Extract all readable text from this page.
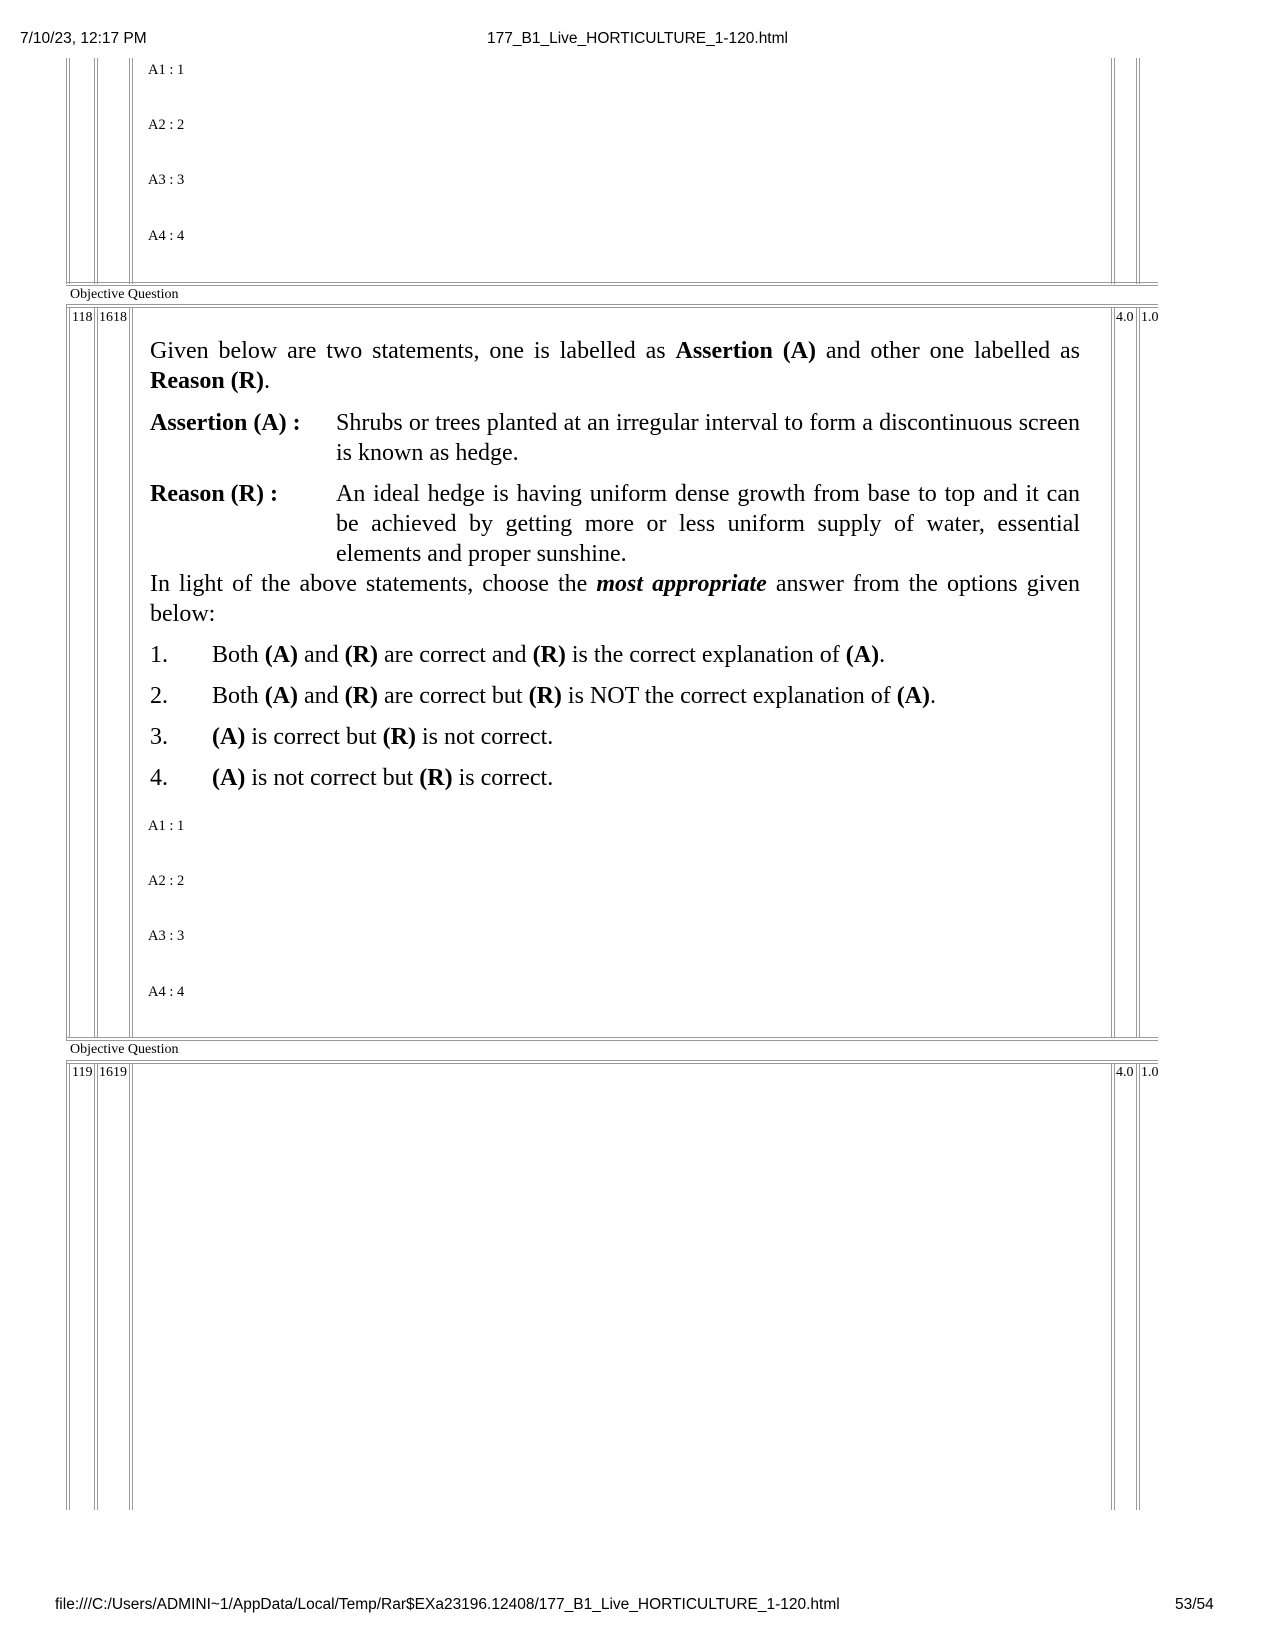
7/10/23, 12:17 PM	177_B1_Live_HORTICULTURE_1-120.html
A1 : 1
A2 : 2
A3 : 3
A4 : 4
Objective Question
118 1618	4.0 1.0

Given below are two statements, one is labelled as Assertion (A) and other one labelled as Reason (R).

Assertion (A) :	Shrubs or trees planted at an irregular interval to form a discontinuous screen is known as hedge.
Reason (R) :	An ideal hedge is having uniform dense growth from base to top and it can be achieved by getting more or less uniform supply of water, essential elements and proper sunshine.

In light of the above statements, choose the most appropriate answer from the options given below:

1.	Both (A) and (R) are correct and (R) is the correct explanation of (A).
2.	Both (A) and (R) are correct but (R) is NOT the correct explanation of (A).
3.	(A) is correct but (R) is not correct.
4.	(A) is not correct but (R) is correct.
A1 : 1
A2 : 2
A3 : 3
A4 : 4
Objective Question
119 1619	4.0 1.0
file:///C:/Users/ADMINI~1/AppData/Local/Temp/Rar$EXa23196.12408/177_B1_Live_HORTICULTURE_1-120.html	53/54
